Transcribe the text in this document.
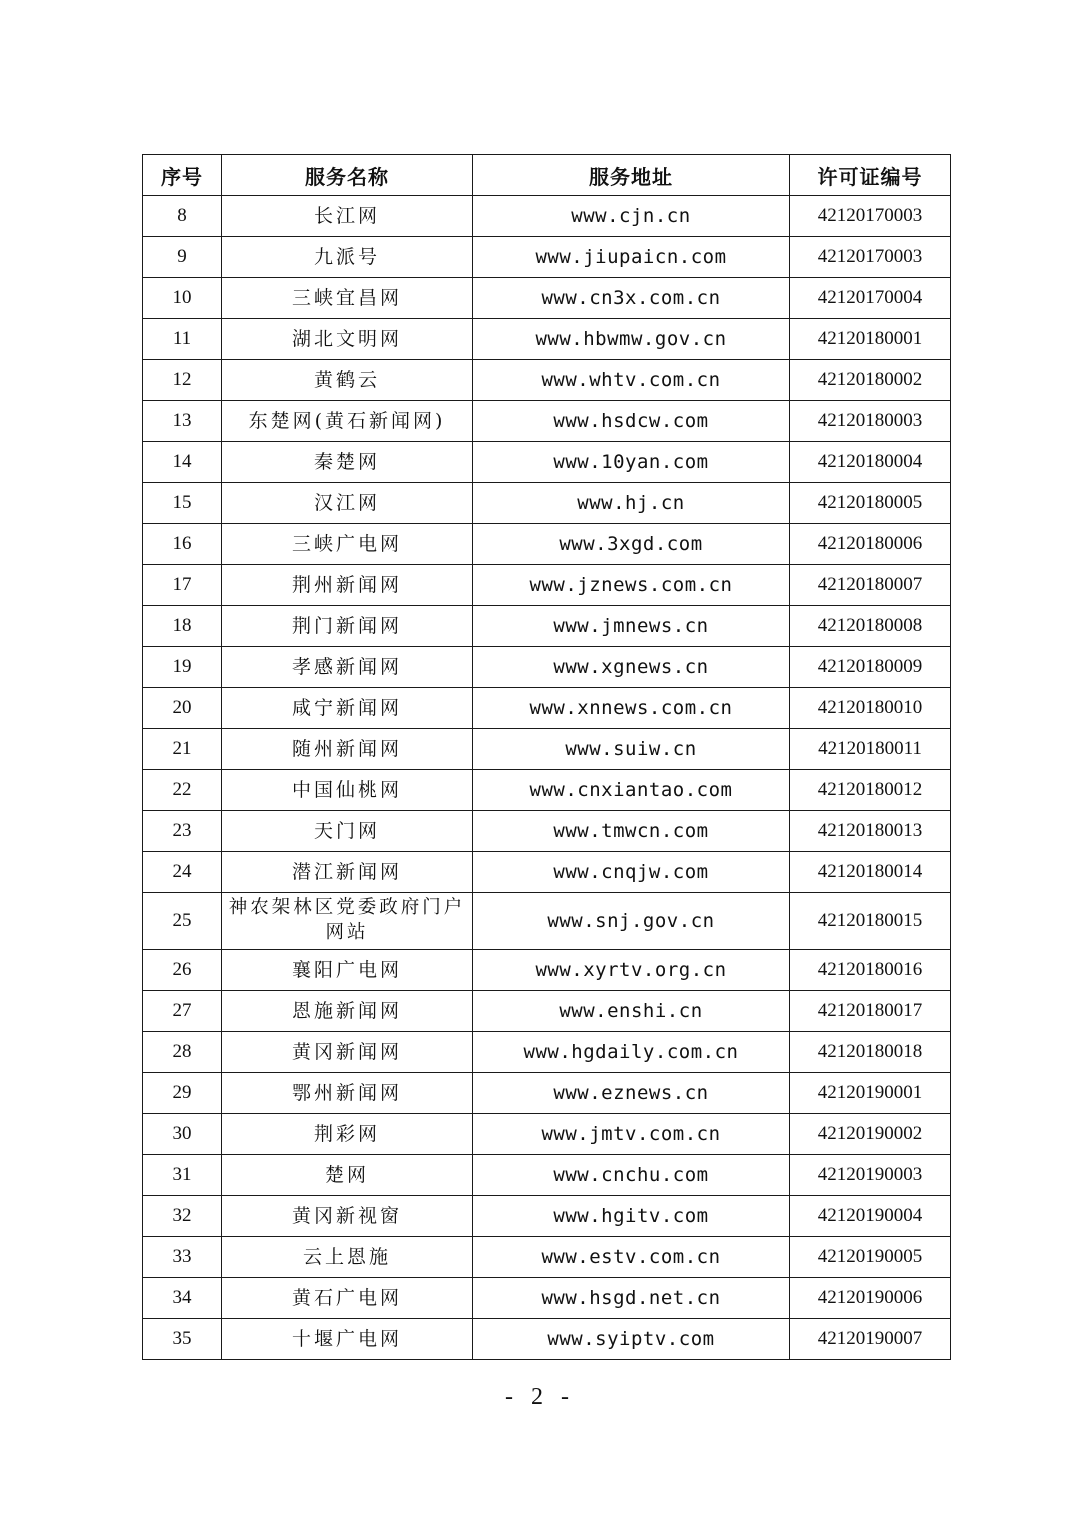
序号	服务名称	服务地址	许可证编号
8	长江网	www.cjn.cn	42120170003
9	九派号	www.jiupaicn.com	42120170003
10	三峡宜昌网	www.cn3x.com.cn	42120170004
11	湖北文明网	www.hbwmw.gov.cn	42120180001
12	黄鹤云	www.whtv.com.cn	42120180002
13	东楚网(黄石新闻网)	www.hsdcw.com	42120180003
14	秦楚网	www.10yan.com	42120180004
15	汉江网	www.hj.cn	42120180005
16	三峡广电网	www.3xgd.com	42120180006
17	荆州新闻网	www.jznews.com.cn	42120180007
18	荆门新闻网	www.jmnews.cn	42120180008
19	孝感新闻网	www.xgnews.cn	42120180009
20	咸宁新闻网	www.xnnews.com.cn	42120180010
21	随州新闻网	www.suiw.cn	42120180011
22	中国仙桃网	www.cnxiantao.com	42120180012
23	天门网	www.tmwcn.com	42120180013
24	潜江新闻网	www.cnqjw.com	42120180014
25	神农架林区党委政府门户网站	www.snj.gov.cn	42120180015
26	襄阳广电网	www.xyrtv.org.cn	42120180016
27	恩施新闻网	www.enshi.cn	42120180017
28	黄冈新闻网	www.hgdaily.com.cn	42120180018
29	鄂州新闻网	www.eznews.cn	42120190001
30	荆彩网	www.jmtv.com.cn	42120190002
31	楚网	www.cnchu.com	42120190003
32	黄冈新视窗	www.hgitv.com	42120190004
33	云上恩施	www.estv.com.cn	42120190005
34	黄石广电网	www.hsgd.net.cn	42120190006
35	十堰广电网	www.syiptv.com	42120190007
- 2 -
